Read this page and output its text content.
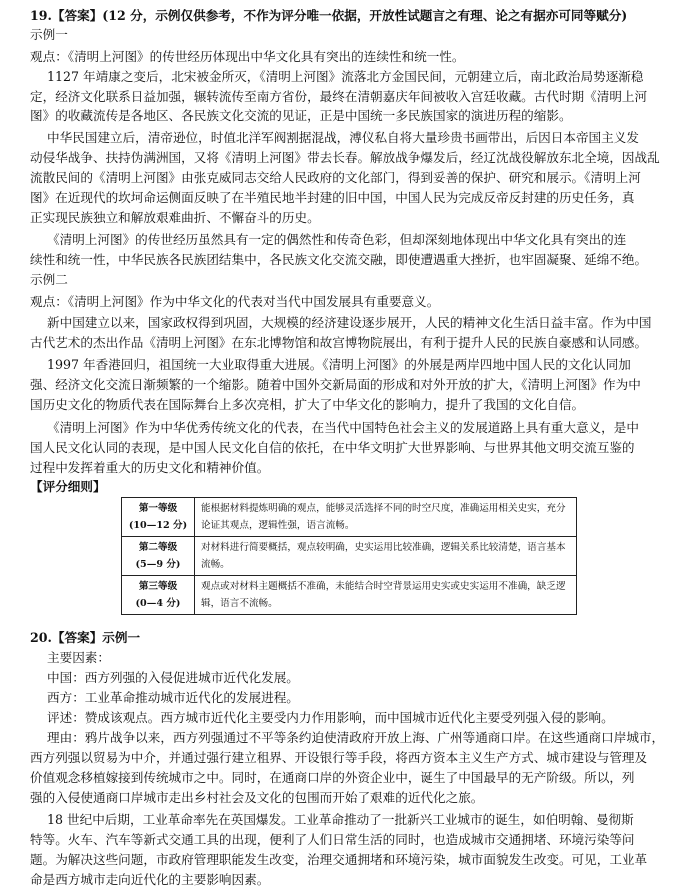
19.【答案】(12 分，示例仅供参考，不作为评分唯一依据，开放性试题言之有理、论之有据亦可同等赋分)
示例一
观点：《清明上河图》的传世经历体现出中华文化具有突出的连续性和统一性。
1127 年靖康之变后，北宋被金所灭，《清明上河图》流落北方金国民间，元朝建立后，南北政治局势逐渐稳
定，经济文化联系日益加强，辗转流传至南方省份，最终在清朝嘉庆年间被收入宫廷收藏。古代时期《清明上河
图》的收藏流传是各地区、各民族文化交流的见证，正是中国统一多民族国家的演进历程的缩影。
中华民国建立后，清帝逊位，时值北洋军阀割据混战，溥仪私自将大量珍贵书画带出，后因日本帝国主义发
动侵华战争、扶持伪满洲国，又将《清明上河图》带去长春。解放战争爆发后，经辽沈战役解放东北全境，因战乱
流散民间的《清明上河图》由张克威同志交给人民政府的文化部门，得到妥善的保护、研究和展示。《清明上河
图》在近现代的坎坷命运侧面反映了在半殖民地半封建的旧中国，中国人民为完成反帝反封建的历史任务，真
正实现民族独立和解放艰难曲折、不懈奋斗的历史。
《清明上河图》的传世经历虽然具有一定的偶然性和传奇色彩，但却深刻地体现出中华文化具有突出的连
续性和统一性，中华民族各民族团结集中，各民族文化交流交融，即使遭遇重大挫折，也牢固凝聚、延绵不绝。
示例二
观点：《清明上河图》作为中华文化的代表对当代中国发展具有重要意义。
新中国建立以来，国家政权得到巩固，大规模的经济建设逐步展开，人民的精神文化生活日益丰富。作为中国
古代艺术的杰出作品《清明上河图》在东北博物馆和故宫博物院展出，有利于提升人民的民族自豪感和认同感。
1997 年香港回归，祖国统一大业取得重大进展。《清明上河图》的外展是两岸四地中国人民的文化认同加
强、经济文化交流日渐频繁的一个缩影。随着中国外交新局面的形成和对外开放的扩大，《清明上河图》作为中
国历史文化的物质代表在国际舞台上多次亮相，扩大了中华文化的影响力，提升了我国的文化自信。
《清明上河图》作为中华优秀传统文化的代表，在当代中国特色社会主义的发展道路上具有重大意义，是中
国人民文化认同的表现，是中国人民文化自信的依托，在中华文明扩大世界影响、与世界其他文明交流互鉴的
过程中发挥着重大的历史文化和精神价值。
【评分细则】
第一等级
(10—12 分)	能根据材料提炼明确的观点，能够灵活选择不同的时空尺度，准确运用相关史实，充分论证其观点，逻辑性强，语言流畅。

第二等级
(5—9 分)	对材料进行简要概括，观点较明确，史实运用比较准确，逻辑关系比较清楚，语言基本流畅。

第三等级
(0—4 分)	观点或对材料主题概括不准确，未能结合时空背景运用史实或史实运用不准确，缺乏逻辑，语言不流畅。
20.【答案】示例一
主要因素：
中国：西方列强的入侵促进城市近代化发展。
西方：工业革命推动城市近代化的发展进程。
评述：赞成该观点。西方城市近代化主要受内力作用影响，而中国城市近代化主要受列强入侵的影响。
理由：鸦片战争以来，西方列强通过不平等条约迫使清政府开放上海、广州等通商口岸。在这些通商口岸城市，
西方列强以贸易为中介，并通过强行建立租界、开设银行等手段，将西方资本主义生产方式、城市建设与管理及
价值观念移植嫁接到传统城市之中。同时，在通商口岸的外资企业中，诞生了中国最早的无产阶级。所以，列
强的入侵使通商口岸城市走出乡村社会及文化的包围而开始了艰难的近代化之旅。
18 世纪中后期，工业革命率先在英国爆发。工业革命推动了一批新兴工业城市的诞生，如伯明翰、曼彻斯
特等。火车、汽车等新式交通工具的出现，便利了人们日常生活的同时，也造成城市交通拥堵、环境污染等问
题。为解决这些问题，市政府管理职能发生改变，治理交通拥堵和环境污染，城市面貌发生改变。可见，工业革
命是西方城市走向近代化的主要影响因素。
